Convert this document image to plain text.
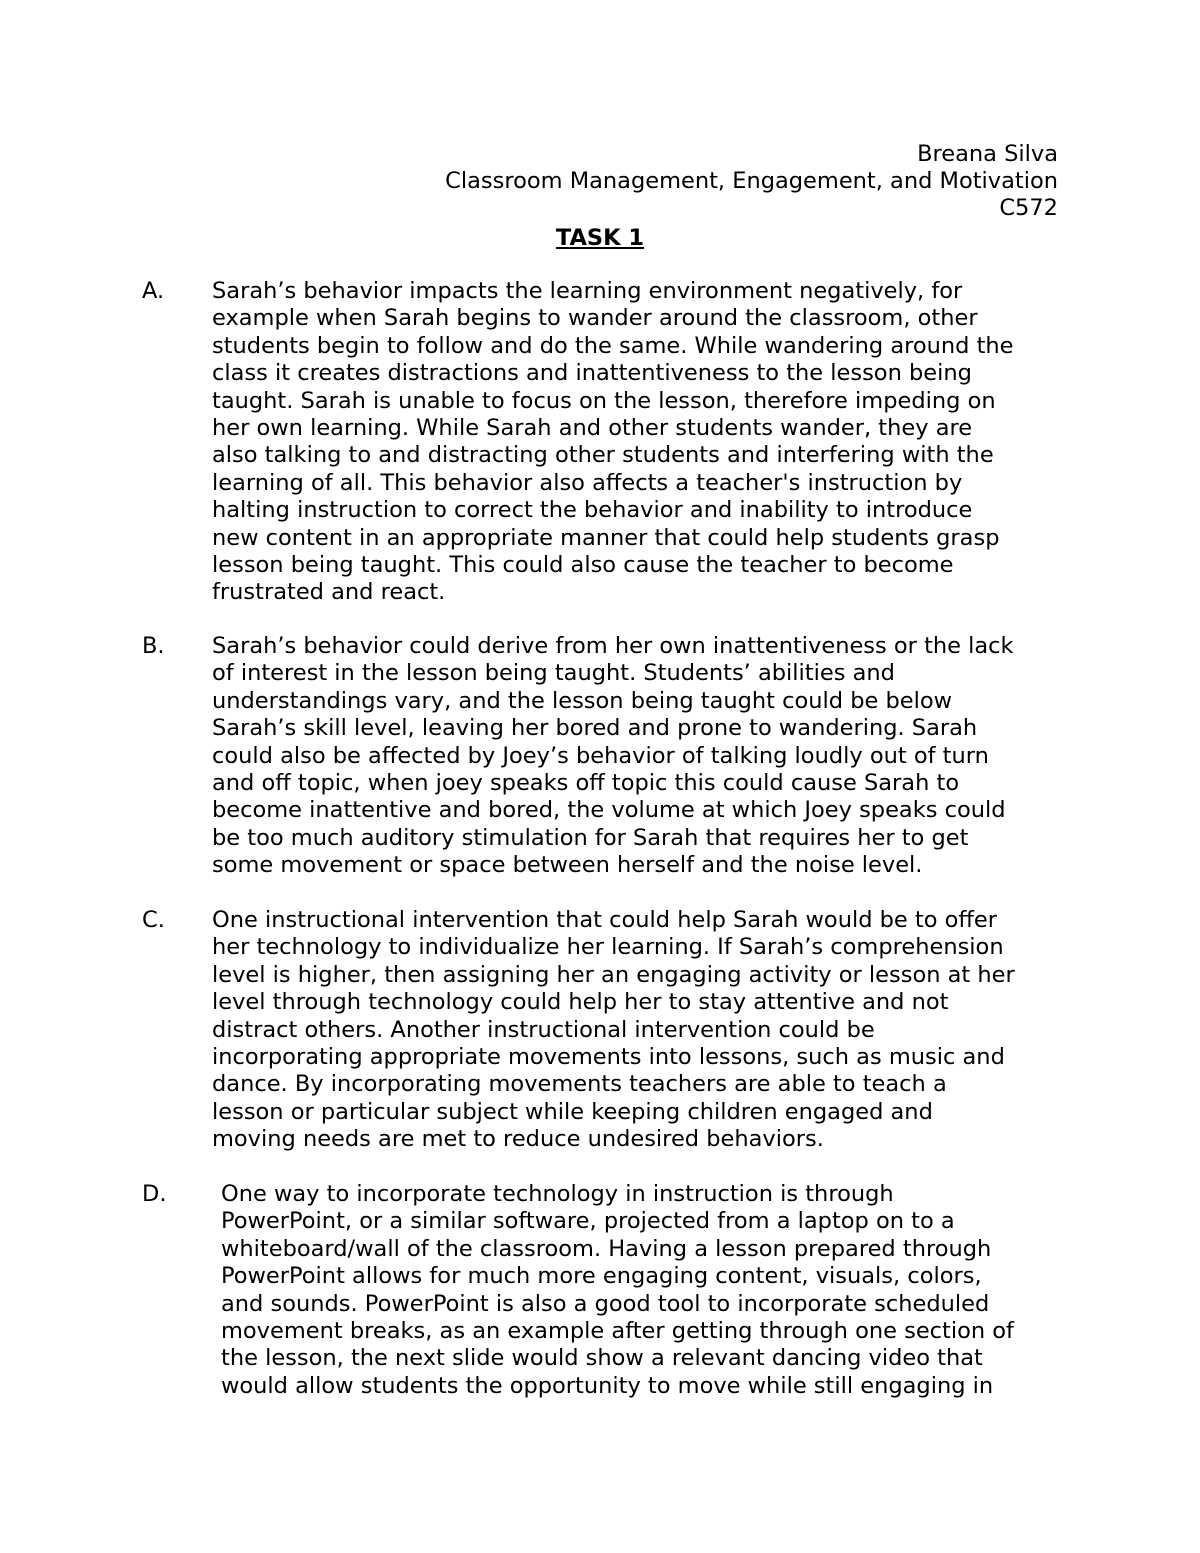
Breana Silva
Classroom Management, Engagement, and Motivation
C572
TASK 1
A. Sarah’s behavior impacts the learning environment negatively, for
example when Sarah begins to wander around the classroom, other
students begin to follow and do the same. While wandering around the
class it creates distractions and inattentiveness to the lesson being
taught. Sarah is unable to focus on the lesson, therefore impeding on
her own learning. While Sarah and other students wander, they are
also talking to and distracting other students and interfering with the
learning of all. This behavior also affects a teacher's instruction by
halting instruction to correct the behavior and inability to introduce
new content in an appropriate manner that could help students grasp
lesson being taught. This could also cause the teacher to become
frustrated and react.
B. Sarah’s behavior could derive from her own inattentiveness or the lack
of interest in the lesson being taught. Students’ abilities and
understandings vary, and the lesson being taught could be below
Sarah’s skill level, leaving her bored and prone to wandering. Sarah
could also be affected by Joey’s behavior of talking loudly out of turn
and off topic, when joey speaks off topic this could cause Sarah to
become inattentive and bored, the volume at which Joey speaks could
be too much auditory stimulation for Sarah that requires her to get
some movement or space between herself and the noise level.
C. One instructional intervention that could help Sarah would be to offer
her technology to individualize her learning. If Sarah’s comprehension
level is higher, then assigning her an engaging activity or lesson at her
level through technology could help her to stay attentive and not
distract others. Another instructional intervention could be
incorporating appropriate movements into lessons, such as music and
dance. By incorporating movements teachers are able to teach a
lesson or particular subject while keeping children engaged and
moving needs are met to reduce undesired behaviors.
D. One way to incorporate technology in instruction is through
PowerPoint, or a similar software, projected from a laptop on to a
whiteboard/wall of the classroom. Having a lesson prepared through
PowerPoint allows for much more engaging content, visuals, colors,
and sounds. PowerPoint is also a good tool to incorporate scheduled
movement breaks, as an example after getting through one section of
the lesson, the next slide would show a relevant dancing video that
would allow students the opportunity to move while still engaging in
